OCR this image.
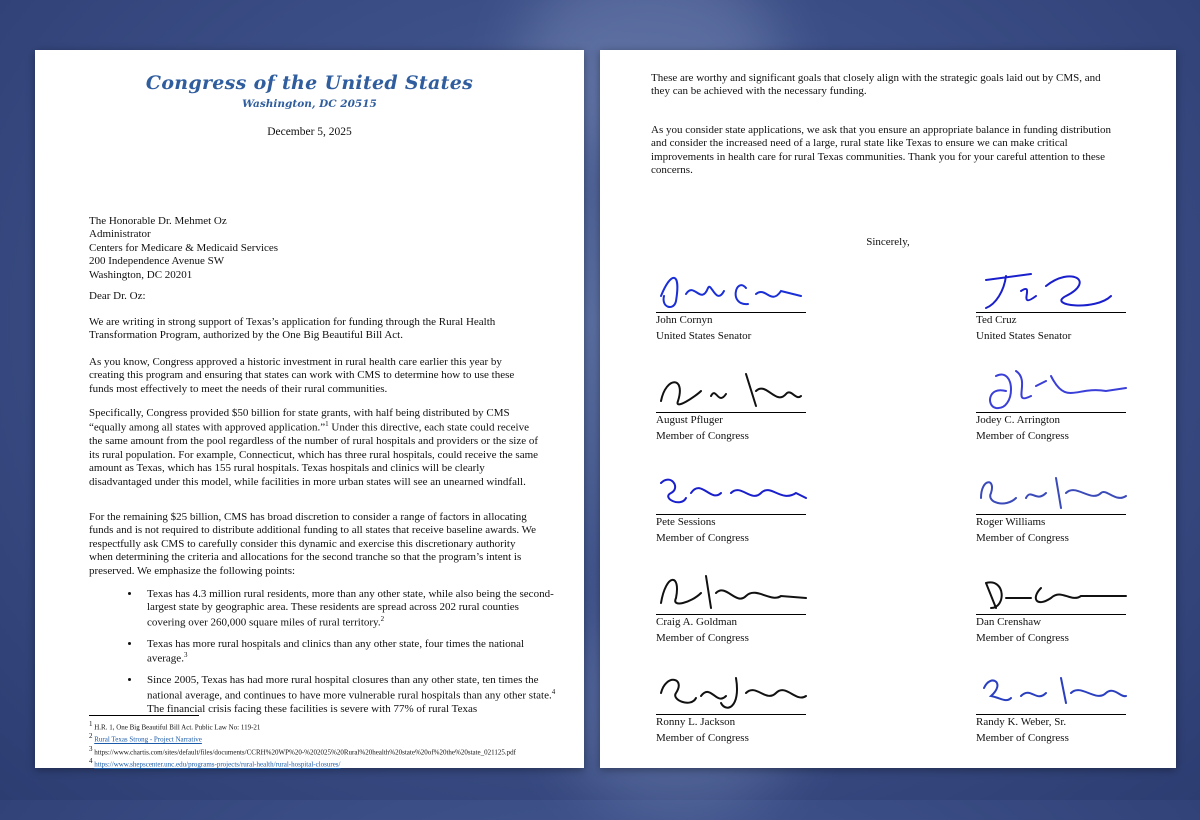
Congress of the United States
Washington, DC 20515
December 5, 2025
The Honorable Dr. Mehmet Oz
Administrator
Centers for Medicare & Medicaid Services
200 Independence Avenue SW
Washington, DC 20201
Dear Dr. Oz:

We are writing in strong support of Texas’s application for funding through the Rural Health Transformation Program, authorized by the One Big Beautiful Bill Act.

As you know, Congress approved a historic investment in rural health care earlier this year by creating this program and ensuring that states can work with CMS to determine how to use these funds most effectively to meet the needs of their rural communities.

Specifically, Congress provided $50 billion for state grants, with half being distributed by CMS “equally among all states with approved application.”$^1$ Under this directive, each state could receive the same amount from the pool regardless of the number of rural hospitals and providers or the size of its rural population. For example, Connecticut, which has three rural hospitals, could receive the same amount as Texas, which has 155 rural hospitals. Texas hospitals and clinics will be clearly disadvantaged under this model, while facilities in more urban states will see an unearned windfall.

For the remaining $25 billion, CMS has broad discretion to consider a range of factors in allocating funds and is not required to distribute additional funding to all states that receive baseline awards. We respectfully ask CMS to carefully consider this dynamic and exercise this discretionary authority when determining the criteria and allocations for the second tranche so that the program’s intent is preserved. We emphasize the following points:

• Texas has 4.3 million rural residents, more than any other state, while also being the second-largest state by geographic area. These residents are spread across 202 rural counties covering over 260,000 square miles of rural territory.$^2$
• Texas has more rural hospitals and clinics than any other state, four times the national average.$^3$
• Since 2005, Texas has had more rural hospital closures than any other state, ten times the national average, and continues to have more vulnerable rural hospitals than any other state.$^4$ The financial crisis facing these facilities is severe with 77% of rural Texas
$^1$ H.R. 1, One Big Beautiful Bill Act. Public Law No: 119-21
$^2$ Rural Texas Strong - Project Narrative
$^3$ https://www.chartis.com/sites/default/files/documents/CCRH%20WP%20-%202025%20Rural%20health%20state%20of%20the%20state_021125.pdf
$^4$ https://www.shepscenter.unc.edu/programs-projects/rural-health/rural-hospital-closures/

These are worthy and significant goals that closely align with the strategic goals laid out by CMS, and they can be achieved with the necessary funding.

As you consider state applications, we ask that you ensure an appropriate balance in funding distribution and consider the increased need of a large, rural state like Texas to ensure we can make critical improvements in health care for rural Texas communities. Thank you for your careful attention to these concerns.

Sincerely,
John Cornyn
United States Senator
Ted Cruz
United States Senator
August Pfluger
Member of Congress
Jodey C. Arrington
Member of Congress
Pete Sessions
Member of Congress
Roger Williams
Member of Congress
Craig A. Goldman
Member of Congress
Dan Crenshaw
Member of Congress
Ronny L. Jackson
Member of Congress
Randy K. Weber, Sr.
Member of Congress
